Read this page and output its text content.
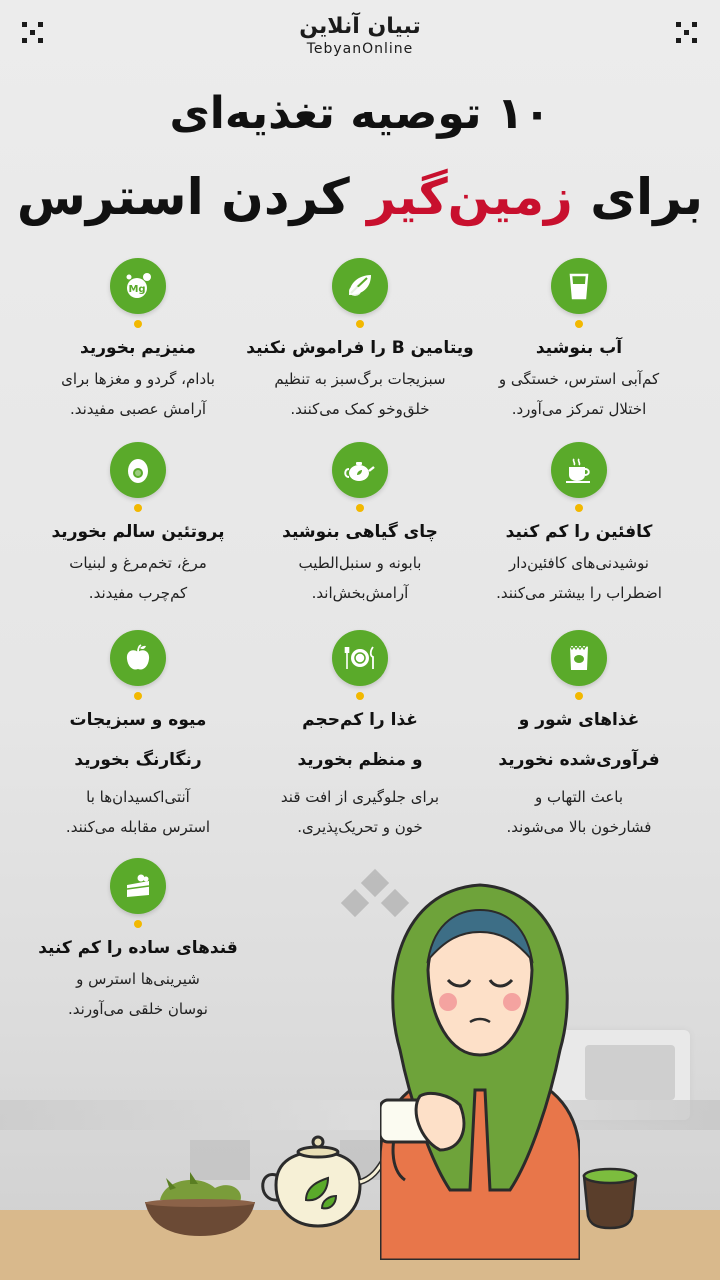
تبیان آنلاین
TebyanOnline
۱۰ توصیه تغذیه‌ای
برای زمین‌گیر کردن استرس
آب بنوشید
کم‌آبی استرس، خستگی و
اختلال تمرکز می‌آورد.
ویتامین B را فراموش نکنید
سبزیجات برگ‌سبز به تنظیم
خلق‌وخو کمک می‌کنند.
Mg
منیزیم بخورید
بادام، گردو و مغزها برای
آرامش عصبی مفیدند.
کافئین را کم کنید
نوشیدنی‌های کافئین‌دار
اضطراب را بیشتر می‌کنند.
چای گیاهی بنوشید
بابونه و سنبل‌الطیب
آرامش‌بخش‌اند.
پروتئین سالم بخورید
مرغ، تخم‌مرغ و لبنیات
کم‌چرب مفیدند.
غذاهای شور و
فرآوری‌شده نخورید
باعث التهاب و
فشارخون بالا می‌شوند.
غذا را کم‌حجم
و منظم بخورید
برای جلوگیری از افت قند
خون و تحریک‌پذیری.
میوه و سبزیجات
رنگارنگ بخورید
آنتی‌اکسیدان‌ها با
استرس مقابله می‌کنند.
قندهای ساده را کم کنید
شیرینی‌ها استرس و
نوسان خلقی می‌آورند.
